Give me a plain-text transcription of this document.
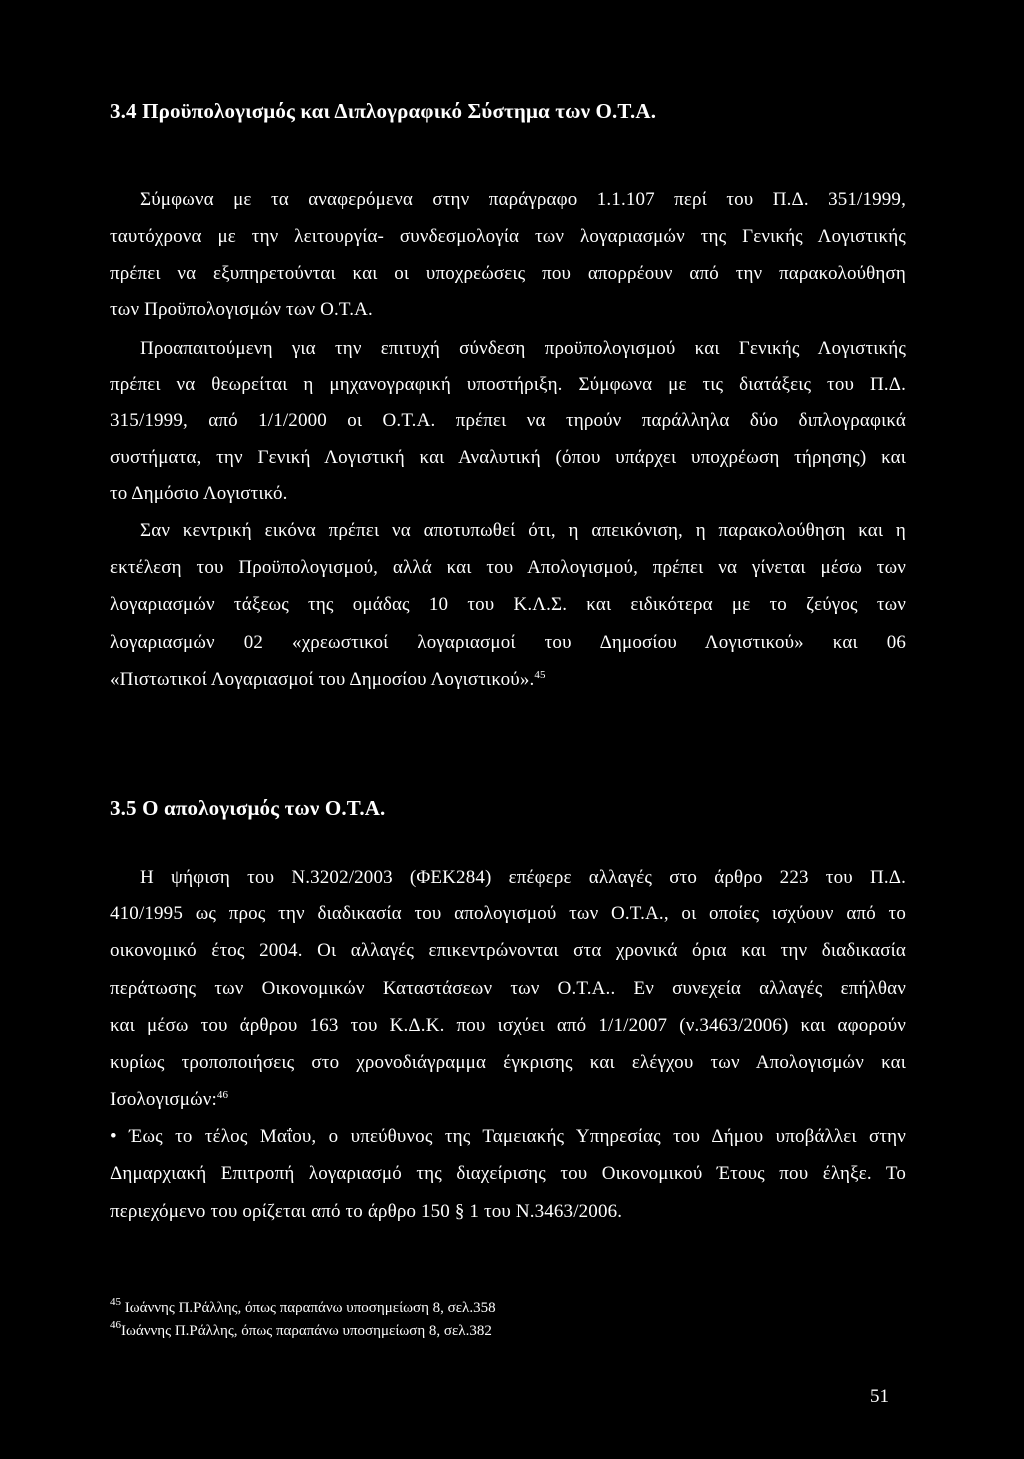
3.4 Προϋπολογισμός και Διπλογραφικό Σύστημα των Ο.Τ.Α.
Σύμφωνα με τα αναφερόμενα στην παράγραφο 1.1.107 περί του Π.Δ. 351/1999,
ταυτόχρονα με την λειτουργία- συνδεσμολογία των λογαριασμών της Γενικής Λογιστικής
πρέπει να εξυπηρετούνται και οι υποχρεώσεις που απορρέουν από την παρακολούθηση
των Προϋπολογισμών των Ο.Τ.Α.
Προαπαιτούμενη για την επιτυχή σύνδεση προϋπολογισμού και Γενικής Λογιστικής
πρέπει να θεωρείται η μηχανογραφική υποστήριξη. Σύμφωνα με τις διατάξεις του Π.Δ.
315/1999, από 1/1/2000 οι Ο.Τ.Α. πρέπει να τηρούν παράλληλα δύο διπλογραφικά
συστήματα, την Γενική Λογιστική και Αναλυτική (όπου υπάρχει υποχρέωση τήρησης) και
το Δημόσιο Λογιστικό.
Σαν κεντρική εικόνα πρέπει να αποτυπωθεί ότι, η απεικόνιση, η παρακολούθηση και η
εκτέλεση του Προϋπολογισμού, αλλά και του Απολογισμού, πρέπει να γίνεται μέσω των
λογαριασμών τάξεως της ομάδας 10 του Κ.Λ.Σ. και ειδικότερα με το ζεύγος των
λογαριασμών 02 «χρεωστικοί λογαριασμοί του Δημοσίου Λογιστικού» και 06
«Πιστωτικοί Λογαριασμοί του Δημοσίου Λογιστικού».$^{45}$
3.5 Ο απολογισμός των Ο.Τ.Α.
Η ψήφιση του Ν.3202/2003 (ΦΕΚ284) επέφερε αλλαγές στο άρθρο 223 του Π.Δ.
410/1995 ως προς την διαδικασία του απολογισμού των Ο.Τ.Α., οι οποίες ισχύουν από το
οικονομικό έτος 2004. Οι αλλαγές επικεντρώνονται στα χρονικά όρια και την διαδικασία
περάτωσης των Οικονομικών Καταστάσεων των Ο.Τ.Α.. Εν συνεχεία αλλαγές επήλθαν
και μέσω του άρθρου 163 του Κ.Δ.Κ. που ισχύει από 1/1/2007 (ν.3463/2006) και αφορούν
κυρίως τροποποιήσεις στο χρονοδιάγραμμα έγκρισης και ελέγχου των Απολογισμών και
Ισολογισμών:$^{46}$
• Έως το τέλος Μαΐου, ο υπεύθυνος της Ταμειακής Υπηρεσίας του Δήμου υποβάλλει στην
Δημαρχιακή Επιτροπή λογαριασμό της διαχείρισης του Οικονομικού Έτους που έληξε. Το
περιεχόμενο του ορίζεται από το άρθρο 150 § 1 του Ν.3463/2006.
$^{45}$ Ιωάννης Π.Ράλλης, όπως παραπάνω υποσημείωση 8, σελ.358
$^{46}$Ιωάννης Π.Ράλλης, όπως παραπάνω υποσημείωση 8, σελ.382
51
